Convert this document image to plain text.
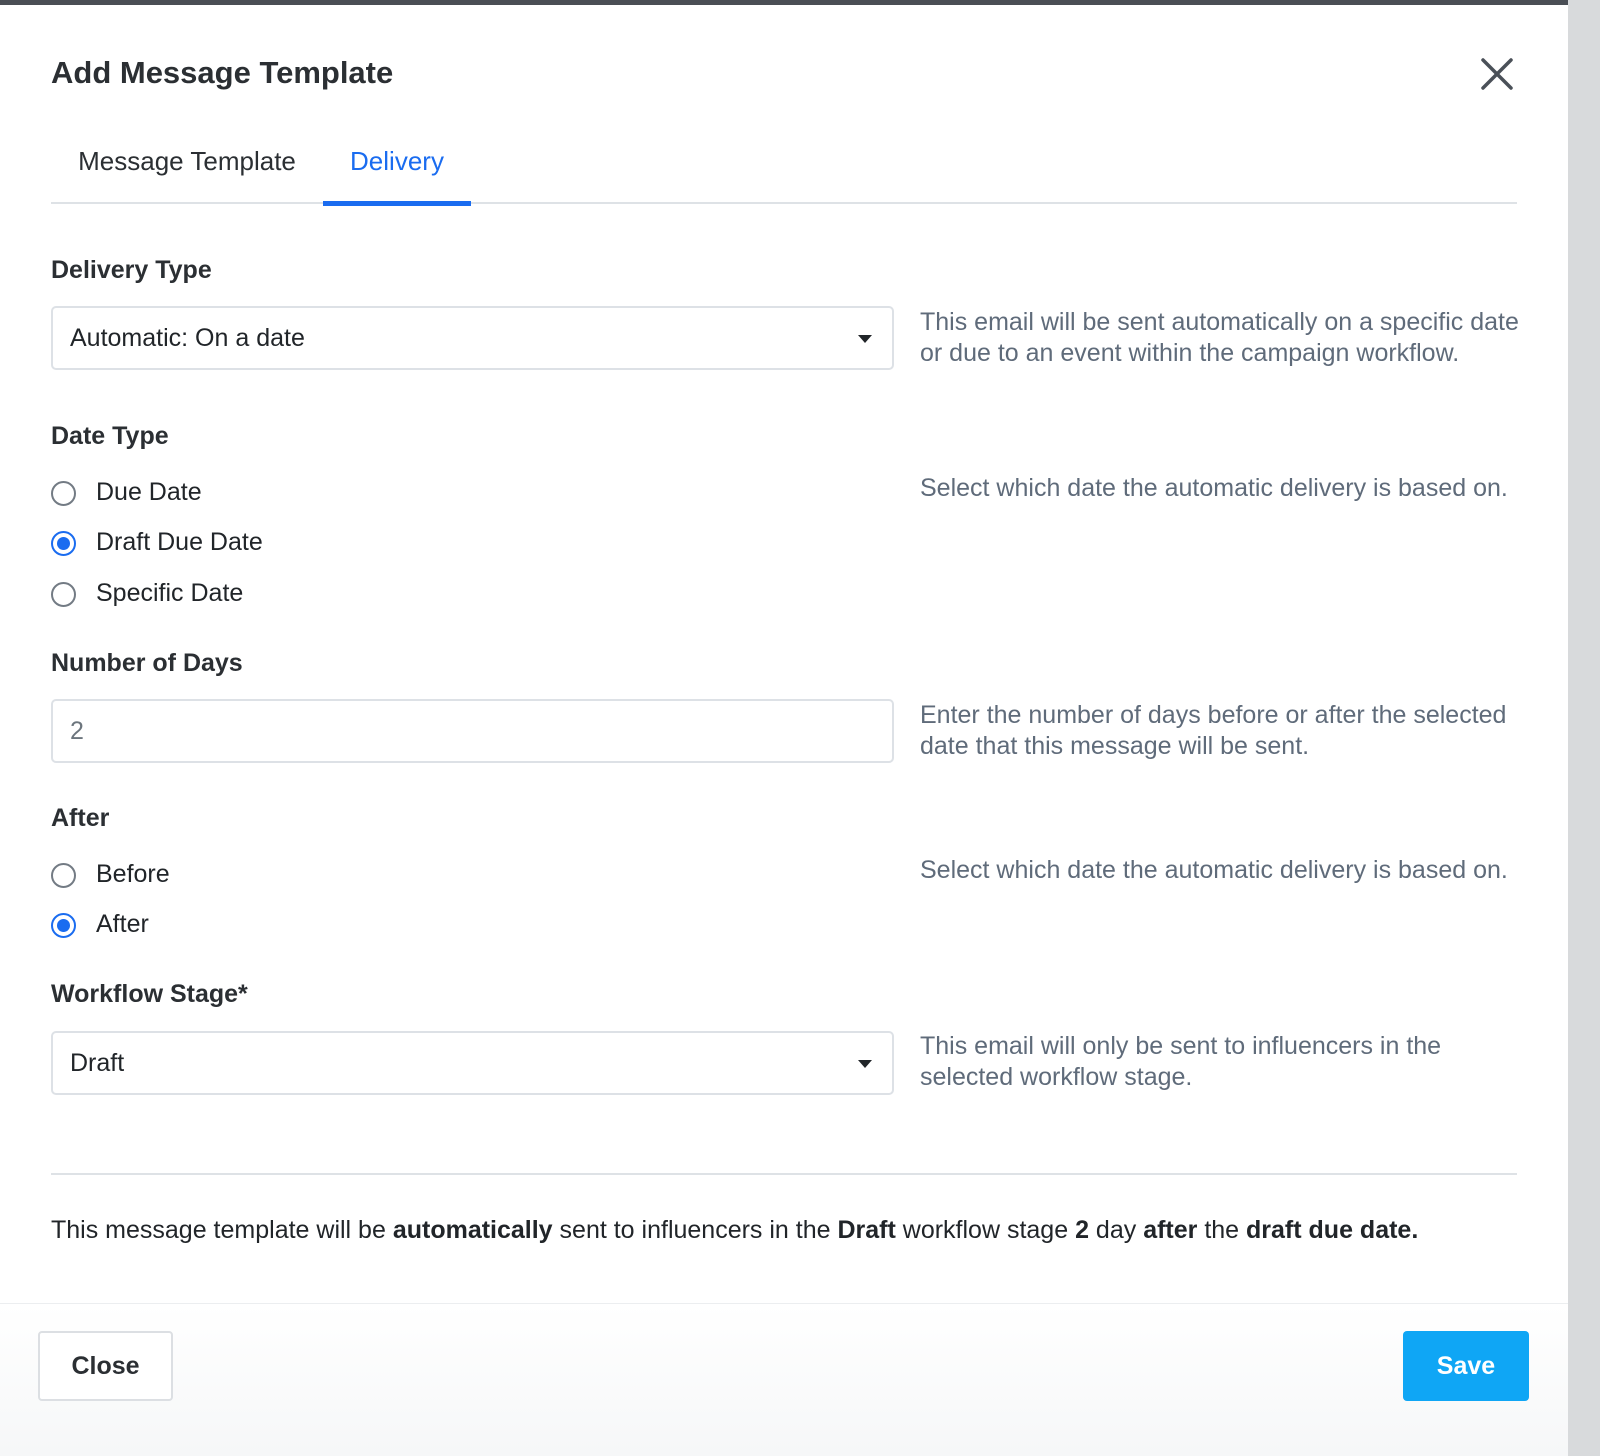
Add Message Template
Message Template	Delivery
Delivery Type
Automatic: On a date
This email will be sent automatically on a specific date or due to an event within the campaign workflow.
Date Type
Due Date
Draft Due Date
Specific Date
Select which date the automatic delivery is based on.
Number of Days
2
Enter the number of days before or after the selected date that this message will be sent.
After
Before
After
Select which date the automatic delivery is based on.
Workflow Stage*
Draft
This email will only be sent to influencers in the selected workflow stage.
This message template will be automatically sent to influencers in the Draft workflow stage 2 day after the draft due date.
Close	Save
